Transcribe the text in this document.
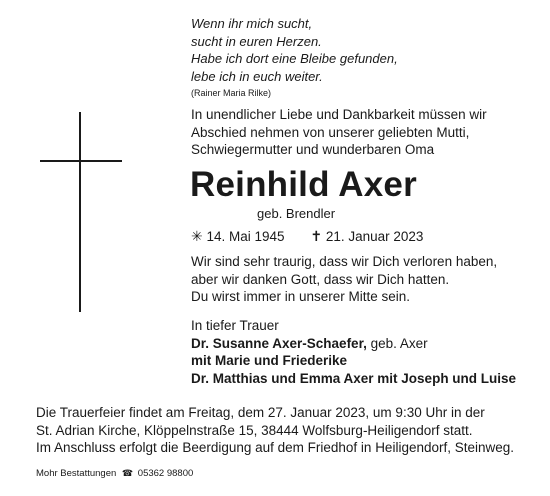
Wenn ihr mich sucht,
sucht in euren Herzen.
Habe ich dort eine Bleibe gefunden,
lebe ich in euch weiter.
(Rainer Maria Rilke)
In unendlicher Liebe und Dankbarkeit müssen wir
Abschied nehmen von unserer geliebten Mutti,
Schwiegermutter und wunderbaren Oma
Reinhild Axer
geb. Brendler
✳ 14. Mai 1945 ✝ 21. Januar 2023
Wir sind sehr traurig, dass wir Dich verloren haben,
aber wir danken Gott, dass wir Dich hatten.
Du wirst immer in unserer Mitte sein.
In tiefer Trauer
Dr. Susanne Axer-Schaefer, geb. Axer
mit Marie und Friederike
Dr. Matthias und Emma Axer mit Joseph und Luise
Die Trauerfeier findet am Freitag, dem 27. Januar 2023, um 9:30 Uhr in der
St. Adrian Kirche, Klöppelnstraße 15, 38444 Wolfsburg-Heiligendorf statt.
Im Anschluss erfolgt die Beerdigung auf dem Friedhof in Heiligendorf, Steinweg.
Mohr Bestattungen ☎ 05362 98800
